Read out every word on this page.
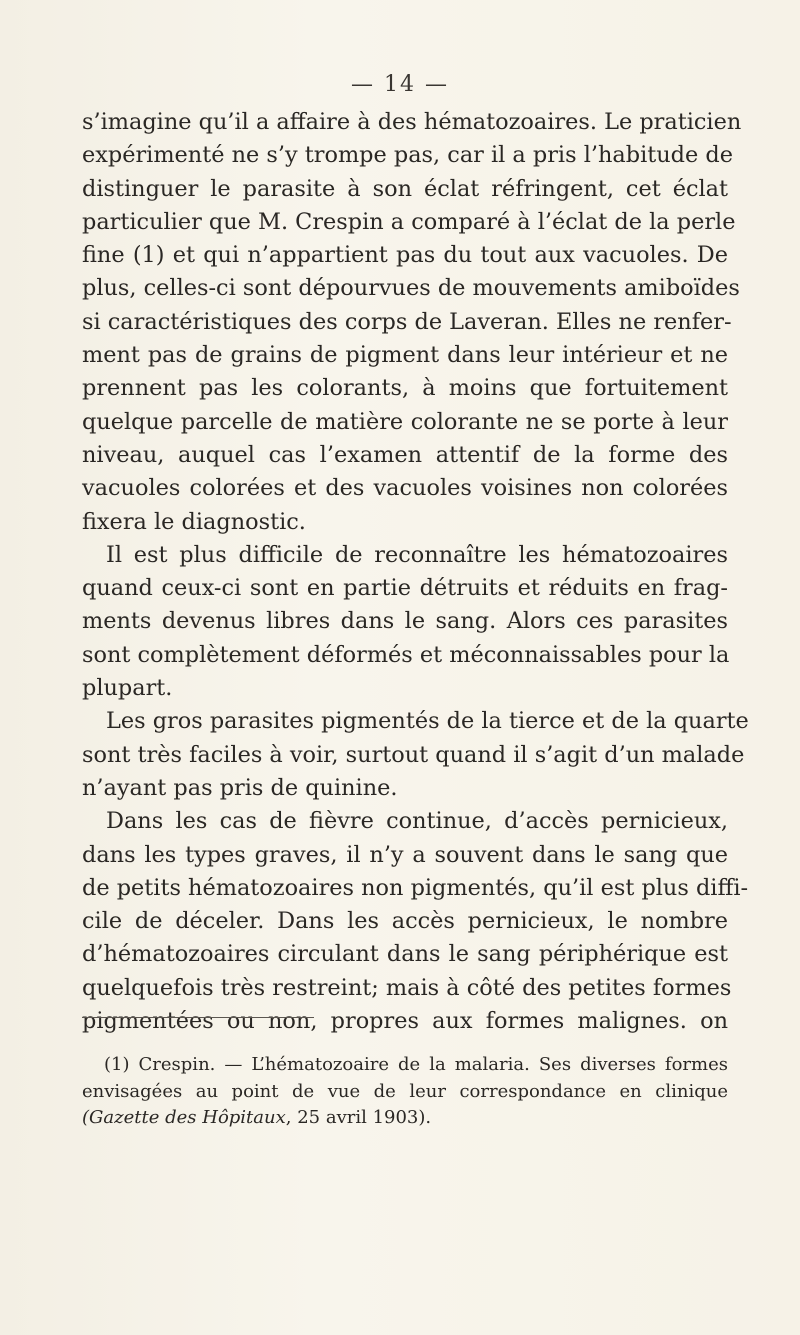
— 14 —
s’imagine qu’il a affaire à des hématozoaires. Le praticien
expérimenté ne s’y trompe pas, car il a pris l’habitude de
distinguer le parasite à son éclat réfringent, cet éclat
particulier que M. Crespin a comparé à l’éclat de la perle
fine (1) et qui n’appartient pas du tout aux vacuoles. De
plus, celles-ci sont dépourvues de mouvements amiboïdes
si caractéristiques des corps de Laveran. Elles ne renfer-
ment pas de grains de pigment dans leur intérieur et ne
prennent pas les colorants, à moins que fortuitement
quelque parcelle de matière colorante ne se porte à leur
niveau, auquel cas l’examen attentif de la forme des
vacuoles colorées et des vacuoles voisines non colorées
fixera le diagnostic.
Il est plus difficile de reconnaître les hématozoaires
quand ceux-ci sont en partie détruits et réduits en frag-
ments devenus libres dans le sang. Alors ces parasites
sont complètement déformés et méconnaissables pour la
plupart.
Les gros parasites pigmentés de la tierce et de la quarte
sont très faciles à voir, surtout quand il s’agit d’un malade
n’ayant pas pris de quinine.
Dans les cas de fièvre continue, d’accès pernicieux,
dans les types graves, il n’y a souvent dans le sang que
de petits hématozoaires non pigmentés, qu’il est plus diffi-
cile de déceler. Dans les accès pernicieux, le nombre
d’hématozoaires circulant dans le sang périphérique est
quelquefois très restreint; mais à côté des petites formes
pigmentées ou non, propres aux formes malignes. on
(1) Crespin. — L’hématozoaire de la malaria. Ses diverses formes
envisagées au point de vue de leur correspondance en clinique
(Gazette des Hôpitaux, 25 avril 1903).
